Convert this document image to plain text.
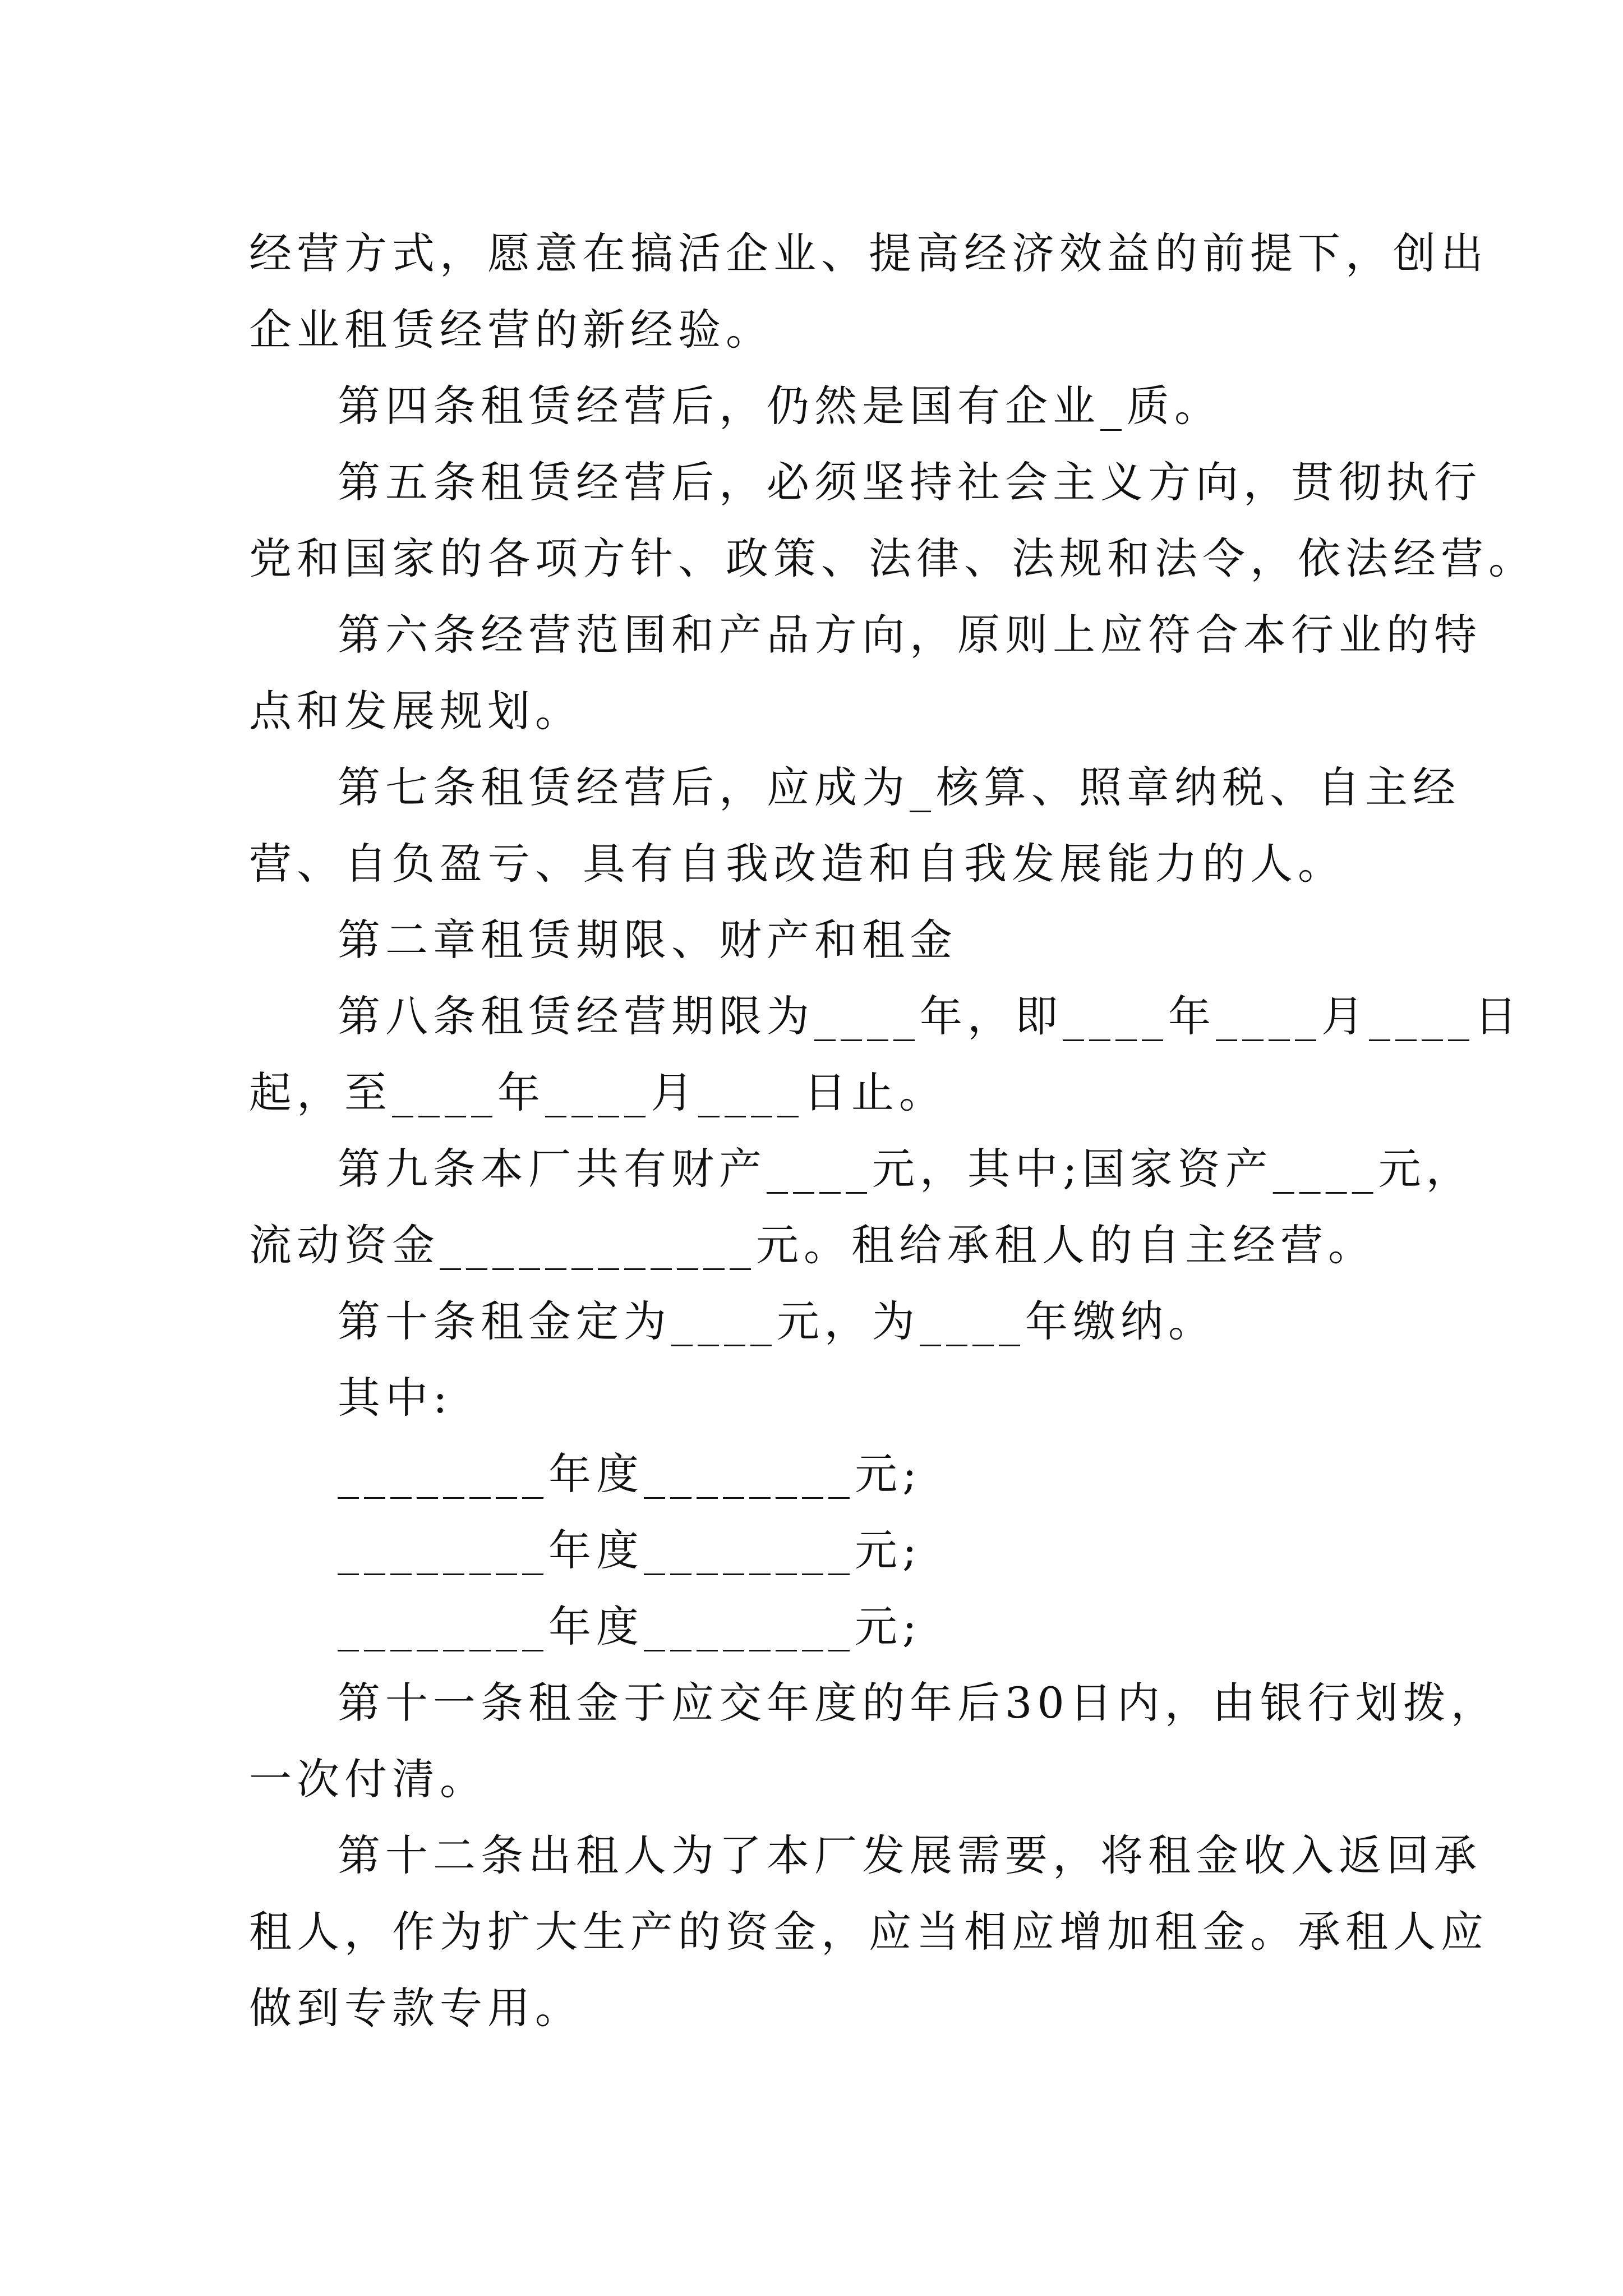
经营方式，愿意在搞活企业、提高经济效益的前提下，创出
企业租赁经营的新经验。
第四条租赁经营后，仍然是国有企业_质。
第五条租赁经营后，必须坚持社会主义方向，贯彻执行
党和国家的各项方针、政策、法律、法规和法令，依法经营。
第六条经营范围和产品方向，原则上应符合本行业的特
点和发展规划。
第七条租赁经营后，应成为_核算、照章纳税、自主经
营、自负盈亏、具有自我改造和自我发展能力的人。
第二章租赁期限、财产和租金
第八条租赁经营期限为____年，即____年____月____日
起，至____年____月____日止。
第九条本厂共有财产____元，其中;国家资产____元，
流动资金____________元。租给承租人的自主经营。
第十条租金定为____元，为____年缴纳。
其中:
________年度________元;
________年度________元;
________年度________元;
第十一条租金于应交年度的年后30日内，由银行划拨，
一次付清。
第十二条出租人为了本厂发展需要，将租金收入返回承
租人，作为扩大生产的资金，应当相应增加租金。承租人应
做到专款专用。
